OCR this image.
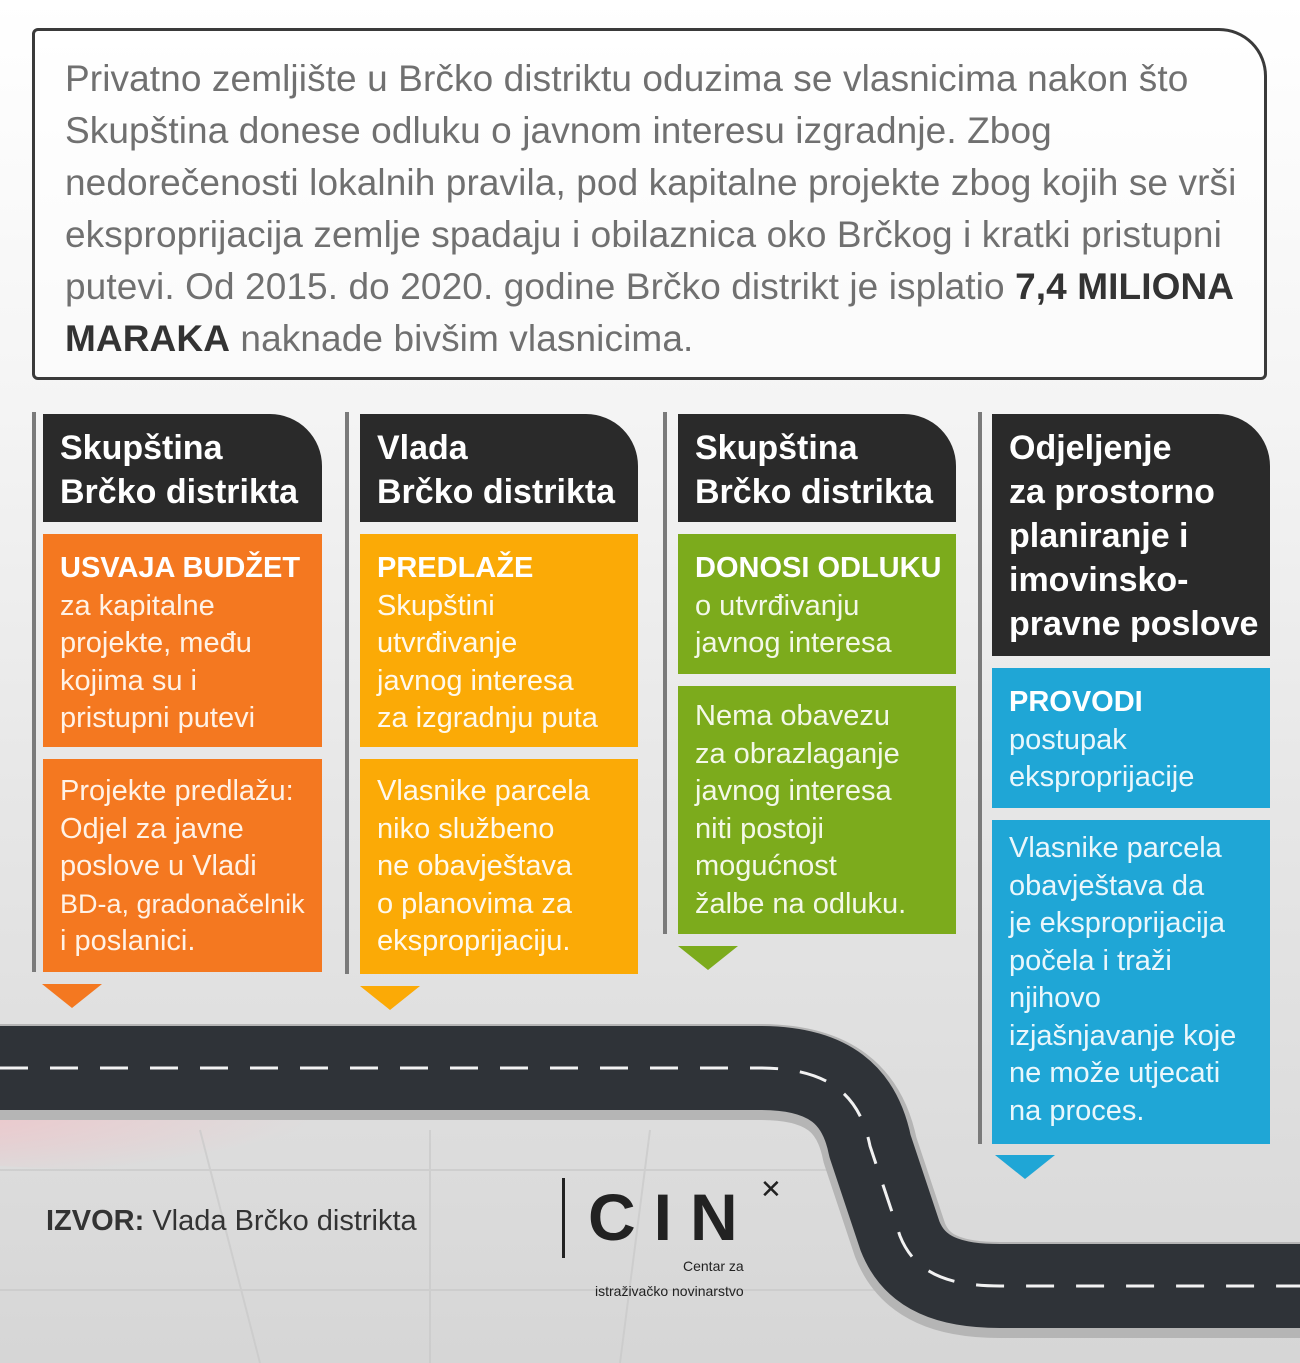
Privatno zemljište u Brčko distriktu oduzima se vlasnicima nakon što Skupština donese odluku o javnom interesu izgradnje. Zbog nedorečenosti lokalnih pravila, pod kapitalne projekte zbog kojih se vrši eksproprijacija zemlje spadaju i obilaznica oko Brčkog i kratki pristupni putevi. Od 2015. do 2020. godine Brčko distrikt je isplatio 7,4 MILIONA MARAKA naknade bivšim vlasnicima.
Skupština
Brčko distrikta
USVAJA BUDŽET
za kapitalne
projekte, među
kojima su i
pristupni putevi
Projekte predlažu:
Odjel za javne
poslove u Vladi
BD-a, gradonačelnik
i poslanici.
Vlada
Brčko distrikta
PREDLAŽE
Skupštini
utvrđivanje
javnog interesa
za izgradnju puta
Vlasnike parcela
niko službeno
ne obavještava
o planovima za
eksproprijaciju.
Skupština
Brčko distrikta
DONOSI ODLUKU
o utvrđivanju
javnog interesa
Nema obavezu
za obrazlaganje
javnog interesa
niti postoji
mogućnost
žalbe na odluku.
Odjeljenje
za prostorno
planiranje i
imovinsko-
pravne poslove
PROVODI
postupak
eksproprijacije
Vlasnike parcela
obavještava da
je eksproprijacija
počela i traži
njihovo
izjašnjavanje koje
ne može utjecati
na proces.
IZVOR: Vlada Brčko distrikta	CIN ✕
Centar za
istraživačko novinarstvo
